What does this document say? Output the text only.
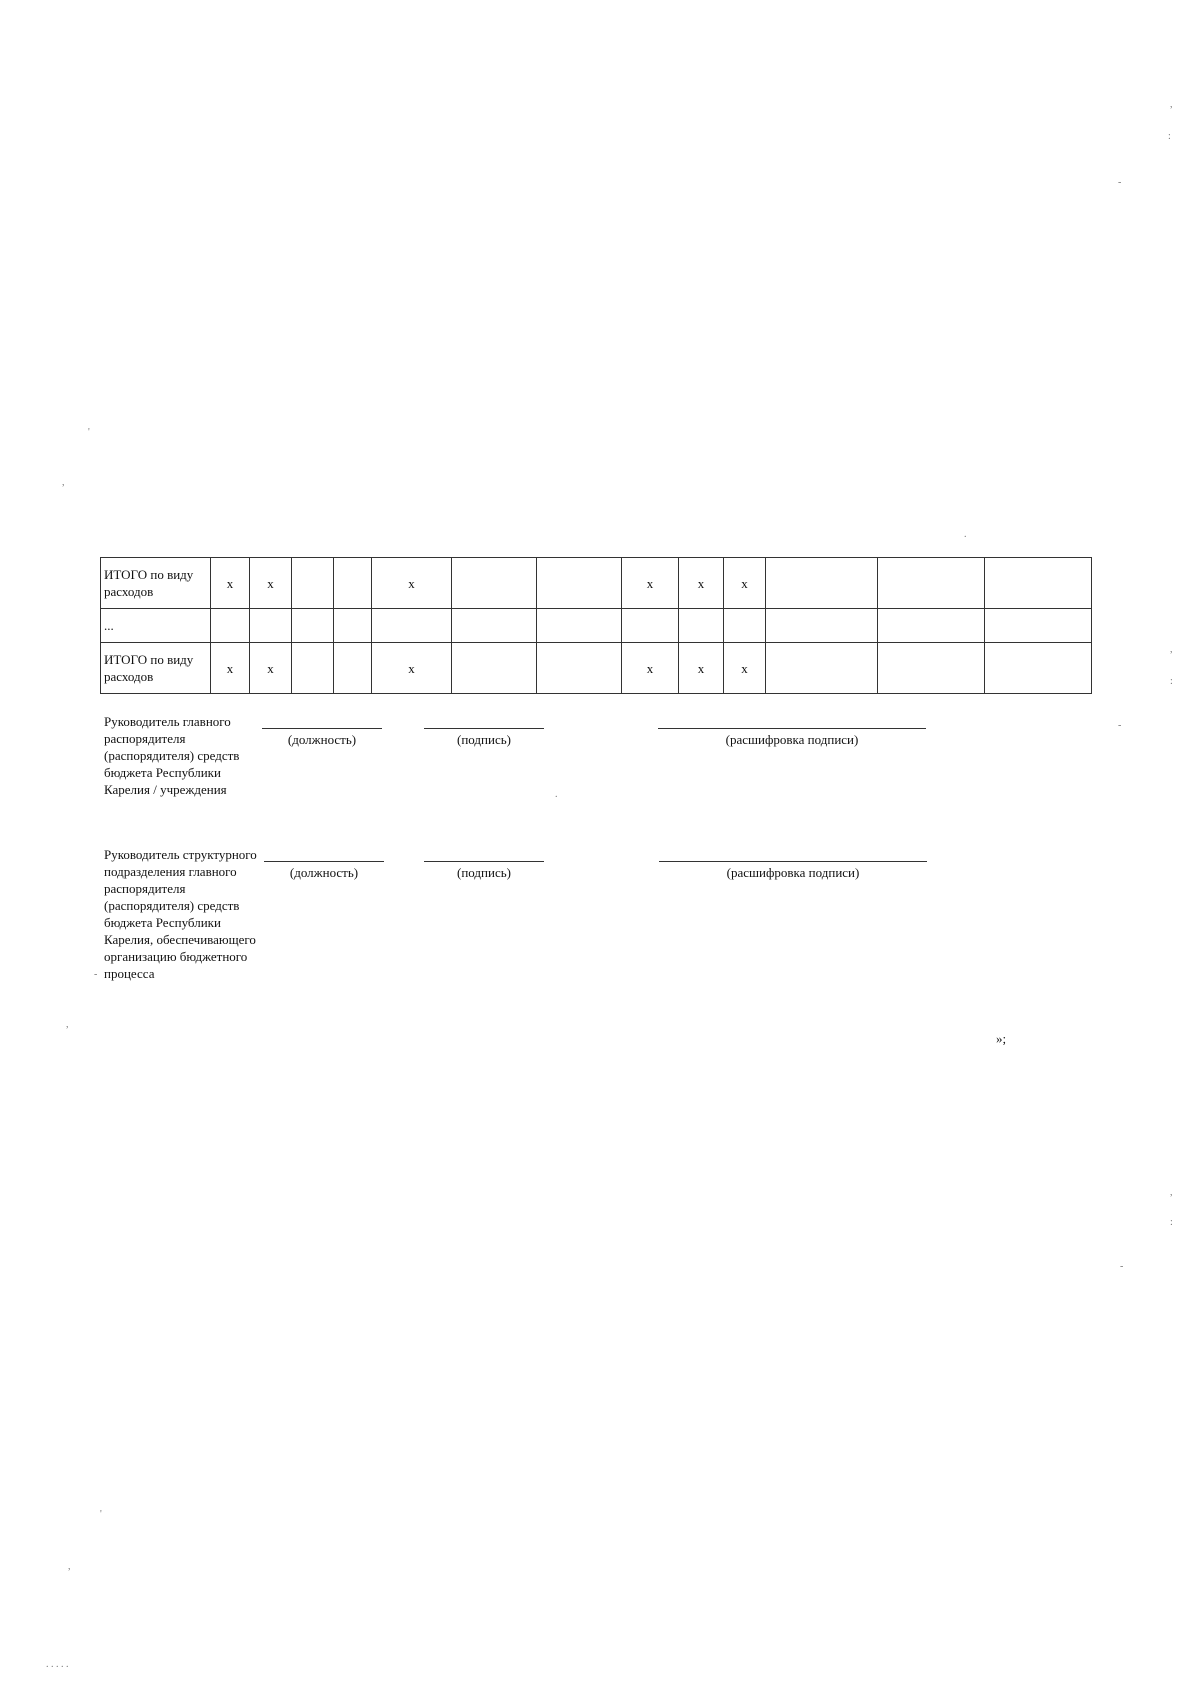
ИТОГО по виду расходов	x	x			x			x	x	x			
...													
ИТОГО по виду расходов	x	x			x			x	x	x			
Руководитель главного распорядителя (распорядителя) средств бюджета Республики Карелия / учреждения
(должность)	(подпись)	(расшифровка подписи)
Руководитель структурного подразделения главного распорядителя (распорядителя) средств бюджета Республики Карелия, обеспечивающего организацию бюджетного процесса
(должность)	(подпись)	(расшифровка подписи)
»;
,
:
-
'
,
.
,
:
-
.
-
,
,
:
-
'
,
. . . . .
